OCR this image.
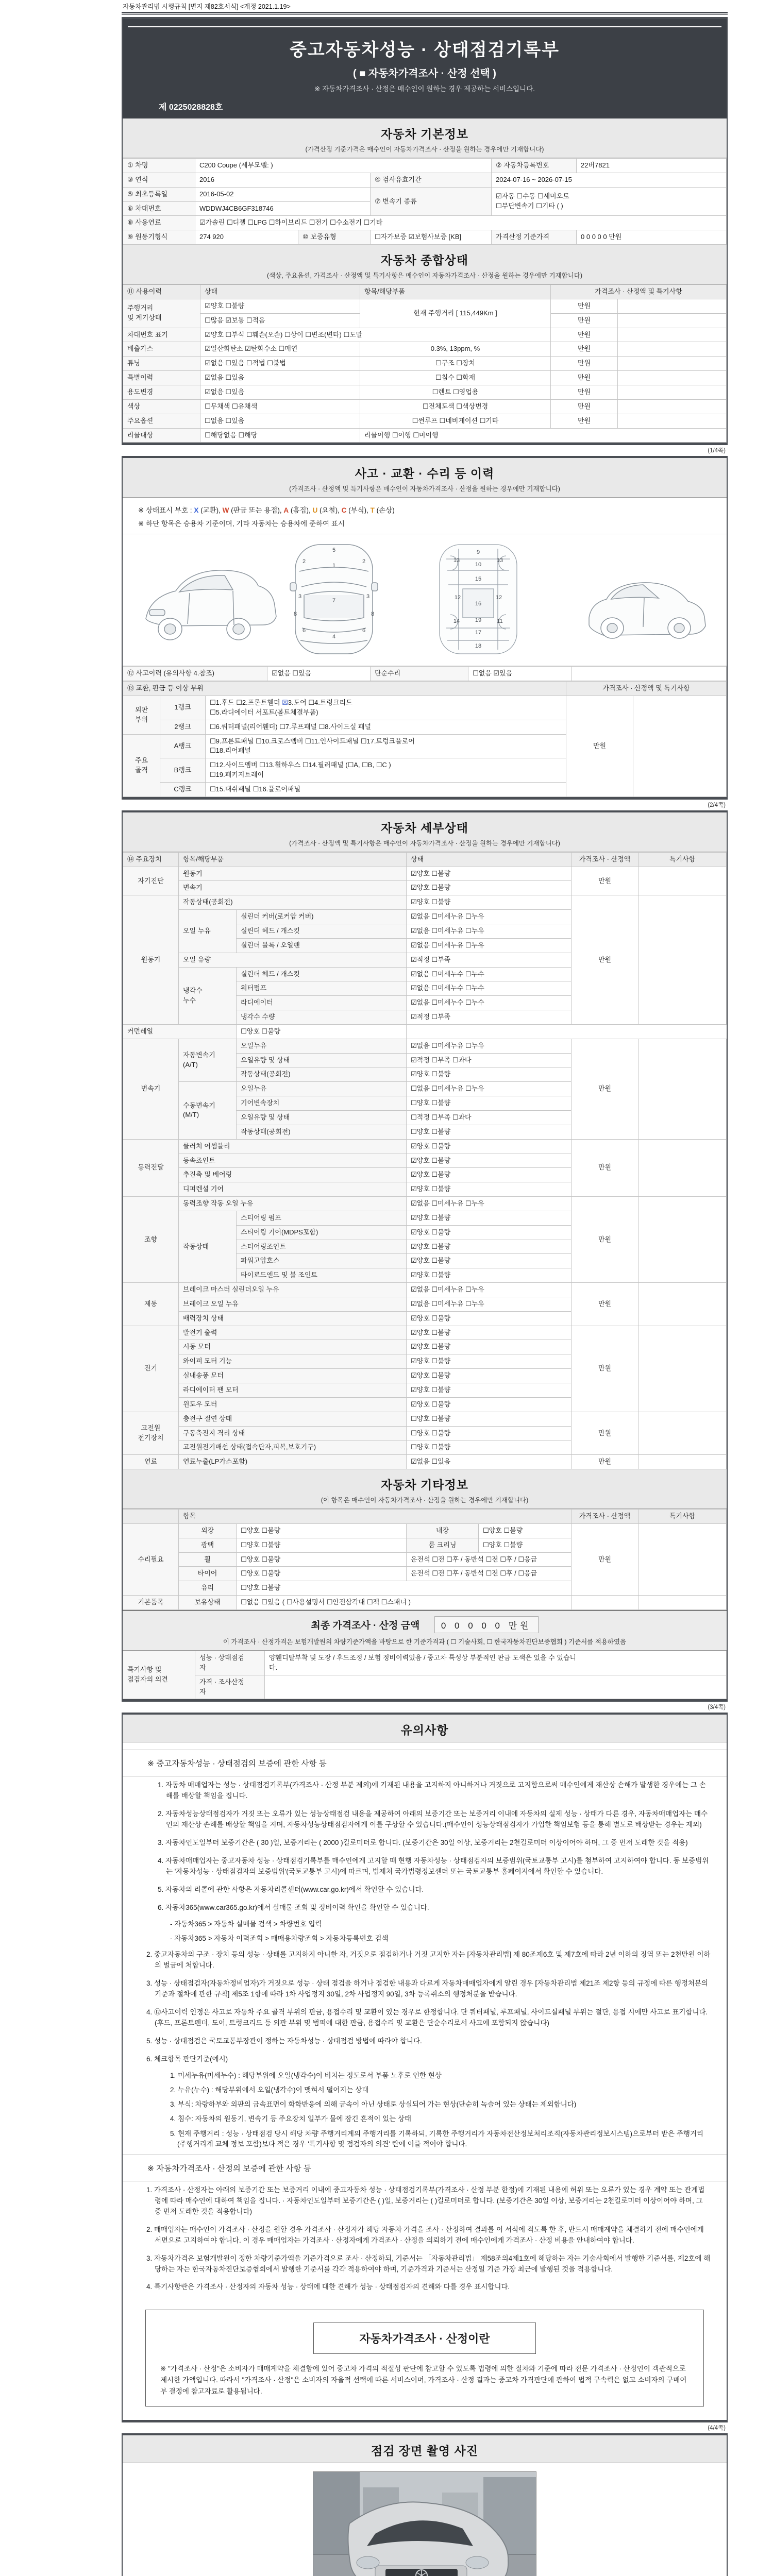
자동차관리법 시행규칙 [별지 제82호서식] <개정 2021.1.19>
중고자동차성능 · 상태점검기록부
( ■ 자동차가격조사 · 산정 선택 )
※ 자동차가격조사 · 산정은 매수인이 원하는 경우 제공하는 서비스입니다.
제 0225028828호
자동차 기본정보
(가격산정 기준가격은 매수인이 자동차가격조사 · 산정을 원하는 경우에만 기재합니다)
① 차명	C200 Coupe (세부모델: )			② 자동차등록번호	22버7821
③ 연식	2016		④ 검사유효기간	2024-07-16 ~ 2026-07-15	
⑤ 최초등록일	2016-05-02		⑦ 변속기 종류	☑자동 ☐수동 ☐세미오토
☐무단변속기 ☐기타 ( )	
⑥ 차대번호	WDDWJ4CB6GF318746				
⑧ 사용연료	☑가솔린 ☐디젤 ☐LPG ☐하이브리드 ☐전기 ☐수소전기 ☐기타				
⑨ 원동기형식	274 920	⑩ 보증유형	☐자가보증 ☑보험사보증 [KB]	가격산정 기준가격	0 0 0 0 0 만원
자동차 종합상태
(색상, 주요옵션, 가격조사 · 산정액 및 특기사항은 매수인이 자동차가격조사 · 산정을 원하는 경우에만 기재합니다)
⑪ 사용이력	상태	항목/해당부품	가격조사 · 산정액 및 특기사항	
주행거리
및 계기상태	☑양호 ☐불량	현재 주행거리 [ 115,449Km ]	만원	
	☐많음 ☑보통 ☐적음		만원	
차대번호 표기	☑양호 ☐부식 ☐훼손(오손) ☐상이 ☐변조(변타) ☐도말		만원	
배출가스	☑일산화탄소 ☑탄화수소 ☐매연	0.3%, 13ppm, %	만원	
튜닝	☑없음 ☐있음 ☐적법 ☐불법	☐구조 ☐장치	만원	
특별이력	☑없음 ☐있음	☐침수 ☐화재	만원	
용도변경	☑없음 ☐있음	☐렌트 ☐영업용	만원	
색상	☐무채색 ☐유채색	☐전체도색 ☐색상변경	만원	
주요옵션	☐없음 ☐있음	☐썬루프 ☐네비게이션 ☐기타	만원	
리콜대상	☐해당없음 ☐해당	리콜이행 ☐이행 ☐미이행		
(1/4쪽)
사고 · 교환 · 수리 등 이력
(가격조사 · 산정액 및 특기사항은 매수인이 자동차가격조사 · 산정을 원하는 경우에만 기재합니다)
※ 상태표시 부호 : X (교환), W (판금 또는 용접), A (흠집), U (요철), C (부식), T (손상)
※ 하단 항목은 승용차 기준이며, 기타 자동차는 승용차에 준하여 표시
5
1
2	2
7
3	3
8	8
4
6	6
9
10
13	13
15
12	12
16
14	19
17
18
11
⑫ 사고이력 (유의사항 4.참조)	☑없음 ☐있음	단순수리	☐없음 ☑있음	
⑬ 교환, 판금 등 이상 부위			가격조사 · 산정액 및 특기사항	
외판
부위	1랭크	☐1.후드 ☐2.프론트휀더 ☒3.도어 ☐4.트렁크리드
☐5.라디에이터 서포트(볼트체결부품)	만원	
	2랭크	☐6.쿼터패널(리어휀더) ☐7.루프패널 ☐8.사이드실 패널		
주요
골격	A랭크	☐9.프론트패널 ☐10.크로스멤버 ☐11.인사이드패널 ☐17.트렁크플로어
☐18.리어패널		
	B랭크	☐12.사이드멤버 ☐13.휠하우스 ☐14.필러패널 (☐A, ☐B, ☐C )
☐19.패키지트레이		
	C랭크	☐15.대쉬패널 ☐16.플로어패널		
(2/4쪽)
자동차 세부상태
(가격조사 · 산정액 및 특기사항은 매수인이 자동차가격조사 · 산정을 원하는 경우에만 기재합니다)
⑭ 주요장치	항목/해당부품		상태	가격조사 · 산정액	특기사항
자기진단	원동기		☑양호 ☐불량	만원	
	변속기		☑양호 ☐불량		
원동기	작동상태(공회전)		☑양호 ☐불량	만원	
	오일 누유	실린더 커버(로커암 커버)	☑없음 ☐미세누유 ☐누유		
		실린더 헤드 / 개스킷	☑없음 ☐미세누유 ☐누유		
		실린더 블록 / 오일팬	☑없음 ☐미세누유 ☐누유		
	오일 유량		☑적정 ☐부족		
	냉각수
누수	실린더 헤드 / 개스킷	☑없음 ☐미세누수 ☐누수		
		워터펌프	☑없음 ☐미세누수 ☐누수		
		라디에이터	☑없음 ☐미세누수 ☐누수		
		냉각수 수량	☑적정 ☐부족		
커먼레일		☐양호 ☐불량			
변속기	자동변속기
(A/T)	오일누유	☑없음 ☐미세누유 ☐누유	만원	
		오일유량 및 상태	☑적정 ☐부족 ☐과다		
		작동상태(공회전)	☑양호 ☐불량		
	수동변속기
(M/T)	오일누유	☐없음 ☐미세누유 ☐누유		
		기어변속장치	☐양호 ☐불량		
		오일유량 및 상태	☐적정 ☐부족 ☐과다		
		작동상태(공회전)	☐양호 ☐불량		
동력전달	클러치 어셈블리		☑양호 ☐불량	만원	
	등속죠인트		☑양호 ☐불량		
	추진축 및 베어링		☑양호 ☐불량		
	디퍼렌셜 기어		☑양호 ☐불량		
조향	동력조향 작동 오일 누유		☑없음 ☐미세누유 ☐누유	만원	
	작동상태	스티어링 펌프	☑양호 ☐불량		
		스티어링 기어(MDPS포함)	☑양호 ☐불량		
		스티어링조인트	☑양호 ☐불량		
		파워고압호스	☑양호 ☐불량		
		타이로드엔드 및 볼 조인트	☑양호 ☐불량		
제동	브레이크 마스터 실린더오일 누유		☑없음 ☐미세누유 ☐누유	만원	
	브레이크 오일 누유		☑없음 ☐미세누유 ☐누유		
	배력장치 상태		☑양호 ☐불량		
전기	발전기 출력		☑양호 ☐불량	만원	
	시동 모터		☑양호 ☐불량		
	와이퍼 모터 기능		☑양호 ☐불량		
	실내송풍 모터		☑양호 ☐불량		
	라디에이터 팬 모터		☑양호 ☐불량		
	윈도우 모터		☑양호 ☐불량		
고전원
전기장치	충전구 절연 상태		☐양호 ☐불량	만원	
	구동축전지 격리 상태		☐양호 ☐불량		
	고전원전기배선 상태(접속단자,피복,보호기구)		☐양호 ☐불량		
연료	연료누출(LP가스포함)		☑없음 ☐있음	만원	
자동차 기타정보
(이 항목은 매수인이 자동차가격조사 · 산정을 원하는 경우에만 기재합니다)
	항목				가격조사 · 산정액	특기사항
수리필요	외장	☐양호 ☐불량	내장	☐양호 ☐불량	만원	
	광택	☐양호 ☐불량	룸 크리닝	☐양호 ☐불량		
	휠	☐양호 ☐불량	운전석 ☐전 ☐후 / 동반석 ☐전 ☐후 / ☐응급			
	타이어	☐양호 ☐불량	운전석 ☐전 ☐후 / 동반석 ☐전 ☐후 / ☐응급			
	유리	☐양호 ☐불량				
기본품목	보유상태	☐없음 ☐있음 ( ☐사용설명서 ☐안전삼각대 ☐잭 ☐스패너 )				
최종 가격조사 · 산정 금액 0 0 0 0 0 만원
이 가격조사 · 산정가격은 보험개발원의 차량기준가액을 바탕으로 한 기준가격과 ( ☐ 기술사회, ☐ 한국자동차진단보증협회 ) 기준서를 적용하였음
특기사항 및
점검자의 의견	성능 · 상태점검
자	양휀디탈부착 및 도장 / 후드조정 / 보험 정비이력있음 / 중고차 특성상 부분적인 판금 도색은 있을 수 있습니
다.
	가격 · 조사산정
자	
(3/4쪽)
유의사항
※ 중고자동차성능 · 상태점검의 보증에 관한 사항 등
1. 자동차 매매업자는 성능 · 상태점검기록부(가격조사 · 산정 부분 제외)에 기재된 내용을 고지하지 아니하거나 거짓으로 고지함으로써 매수인에게 재산상 손해가 발생한 경우에는 그 손해를 배상할 책임을 집니다.
2. 자동차성능상태점검자가 거짓 또는 오류가 있는 성능상태점검 내용을 제공하여 아래의 보증기간 또는 보증거리 이내에 자동차의 실제 성능 · 상태가 다른 경우, 자동차매매업자는 매수인의 재산상 손해를 배상할 책임을 지며, 자동차성능상태점검자에게 이를 구상할 수 있습니다.(매수인이 성능상태점검자가 가입한 책임보험 등을 통해 별도로 배상받는 경우는 제외)
3. 자동차인도일부터 보증기간은 ( 30 )일, 보증거리는 ( 2000 )킬로미터로 합니다. (보증기간은 30일 이상, 보증거리는 2천킬로미터 이상이어야 하며, 그 중 먼저 도래한 것을 적용)
4. 자동차매매업자는 중고자동차 성능 · 상태점검기록부를 매수인에게 고지할 때 현행 자동차성능 · 상태점검자의 보증범위(국토교통부 고시)를 첨부하여 고지하여야 합니다. 동 보증범위는 '자동차성능 · 상태점검자의 보증범위'(국토교통부 고시)에 따르며, 법제처 국가법령정보센터 또는 국토교통부 홈페이지에서 확인할 수 있습니다.
5. 자동차의 리콜에 관한 사항은 자동차리콜센터(www.car.go.kr)에서 확인할 수 있습니다.
6. 자동차365(www.car365.go.kr)에서 실매물 조회 및 정비이력 확인을 확인할 수 있습니다.
- 자동차365 > 자동차 실매물 검색 > 차량번호 입력
- 자동차365 > 자동차 이력조회 > 매매용차량조회 > 자동차등록번호 검색
2. 중고자동차의 구조 · 장치 등의 성능 · 상태를 고지하지 아니한 자, 거짓으로 점검하거나 거짓 고지한 자는 [자동차관리법] 제 80조제6호 및 제7호에 따라 2년 이하의 징역 또는 2천만원 이하의 벌금에 처합니다.
3. 성능 · 상태점검자(자동차정비업자)가 거짓으로 성능 · 상태 점검을 하거나 점검한 내용과 다르게 자동차매매업자에게 알린 경우 [자동차관리법 제21조 제2항 등의 규정에 따른 행정처분의 기준과 절차에 관한 규칙] 제5조 1항에 따라 1차 사업정지 30일, 2차 사업정지 90일, 3차 등록취소의 행정처분을 받습니다.
4. ⑫사고이력 인정은 사고로 자동차 주요 골격 부위의 판금, 용접수리 및 교환이 있는 경우로 한정합니다. 단 쿼터패널, 루프패널, 사이드실패널 부위는 절단, 용접 시에만 사고로 표기합니다. (후드, 프론트펜더, 도어, 트렁크리드 등 외판 부위 및 범퍼에 대한 판금, 용접수리 및 교환은 단순수리로서 사고에 포함되지 않습니다)
5. 성능 · 상태점검은 국토교통부장관이 정하는 자동차성능 · 상태점검 방법에 따라야 합니다.
6. 체크항목 판단기준(예시)
1. 미세누유(미세누수) : 해당부위에 오일(냉각수)이 비치는 정도로서 부품 노후로 인한 현상
2. 누유(누수) : 해당부위에서 오일(냉각수)이 맺혀서 떨어지는 상태
3. 부식: 차량하부와 외판의 금속표면이 화학반응에 의해 금속이 아닌 상태로 상실되어 가는 현상(단순히 녹슬어 있는 상태는 제외합니다)
4. 침수: 자동차의 원동기, 변속기 등 주요장치 일부가 물에 잠긴 흔적이 있는 상태
5. 현재 주행거리 : 성능 · 상태점검 당시 해당 차량 주행거리계의 주행거리를 기록하되, 기록한 주행거리가 자동차전산정보처리조직(자동차관리정보시스템)으로부터 받은 주행거리(주행거리계 교체 정보 포함)보다 적은 경우 '특기사항 및 점검자의 의견' 란에 이를 적어야 합니다.
※ 자동차가격조사 · 산정의 보증에 관한 사항 등
1. 가격조사 · 산정자는 아래의 보증기간 또는 보증거리 이내에 중고자동차 성능 · 상태점검기록부(가격조사 · 산정 부분 한정)에 기재된 내용에 허위 또는 오류가 있는 경우 계약 또는 관계법령에 따라 매수인에 대하여 책임을 집니다. · 자동차인도일부터 보증기간은 ( )일, 보증거리는 ( )킬로미터로 합니다. (보증기간은 30일 이상, 보증거리는 2천킬로미터 이상이어야 하며, 그 중 먼저 도래한 것을 적용합니다)
2. 매매업자는 매수인이 가격조사 · 산정을 원할 경우 가격조사 · 산정자가 해당 자동차 가격을 조사 · 산정하여 결과를 이 서식에 적도록 한 후, 반드시 매매계약을 체결하기 전에 매수인에게 서면으로 고지하여야 합니다. 이 경우 매매업자는 가격조사 · 산정자에게 가격조사 · 산정을 의뢰하기 전에 매수인에게 가격조사 · 산정 비용을 안내하여야 합니다.
3. 자동차가격은 보험개발원이 정한 차량기준가액을 기준가격으로 조사 · 산정하되, 기준서는 「자동차관리법」 제58조의4제1호에 해당하는 자는 기술사회에서 발행한 기준서를, 제2호에 해당하는 자는 한국자동차진단보증협회에서 발행한 기준서를 각각 적용하여야 하며, 기준가격과 기준서는 산정일 기준 가장 최근에 발행된 것을 적용합니다.
4. 특기사항란은 가격조사 · 산정자의 자동차 성능 · 상태에 대한 견해가 성능 · 상태점검자의 견해와 다를 경우 표시합니다.
자동차가격조사 · 산정이란
※ "가격조사 · 산정"은 소비자가 매매계약을 체결함에 있어 중고차 가격의 적절성 판단에 참고할 수 있도록 법령에 의한 절차와 기준에 따라 전문 가격조사 · 산정인이 객관적으로 제시한 가액입니다. 따라서 "가격조사 · 산정"은 소비자의 자율적 선택에 따른 서비스이며, 가격조사 · 산정 결과는 중고차 가격판단에 관하여 법적 구속력은 없고 소비자의 구매여부 결정에 참고자료로 활용됩니다.
(4/4쪽)
점검 장면 촬영 사진
